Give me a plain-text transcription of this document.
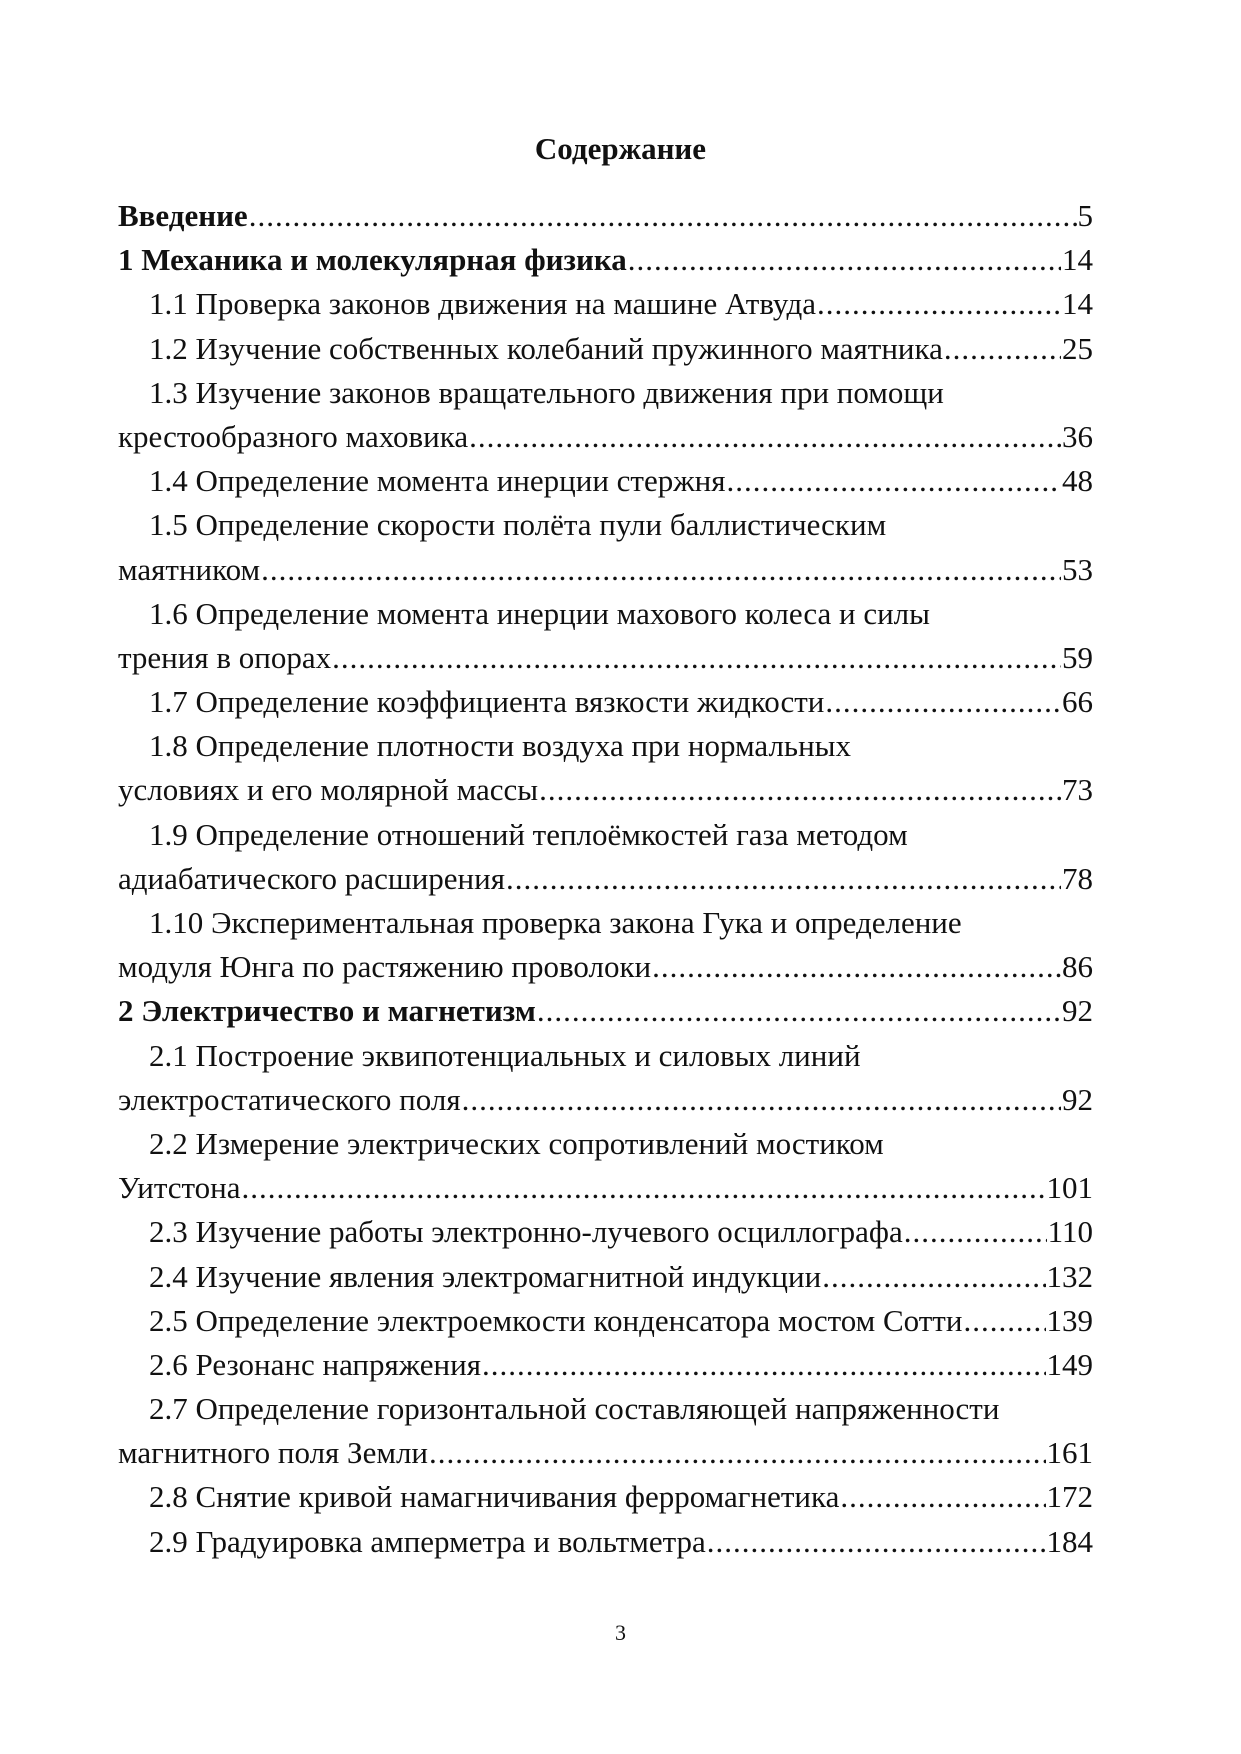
Содержание
Введение .....	5
1 Механика и молекулярная физика .....	14
1.1 Проверка законов движения на машине Атвуда .....	14
1.2 Изучение собственных колебаний пружинного маятника .....	25
1.3 Изучение законов вращательного движения при помощи
крестообразного маховика .....	36
1.4 Определение момента инерции стержня .....	48
1.5 Определение скорости полёта пули баллистическим
маятником .....	53
1.6 Определение момента инерции махового колеса и силы
трения в опорах .....	59
1.7 Определение коэффициента вязкости жидкости .....	66
1.8 Определение плотности воздуха при нормальных
условиях и его молярной массы .....	73
1.9 Определение отношений теплоёмкостей газа методом
адиабатического расширения .....	78
1.10 Экспериментальная проверка закона Гука и определение
модуля Юнга по растяжению проволоки .....	86
2 Электричество и магнетизм .....	92
2.1 Построение эквипотенциальных и силовых линий
электростатического поля .....	92
2.2 Измерение электрических сопротивлений мостиком
Уитстона .....	101
2.3 Изучение работы электронно-лучевого осциллографа .....	110
2.4 Изучение явления электромагнитной индукции .....	132
2.5 Определение электроемкости конденсатора мостом Сотти .....	139
2.6 Резонанс напряжения .....	149
2.7 Определение горизонтальной составляющей напряженности
магнитного поля Земли .....	161
2.8 Снятие кривой намагничивания ферромагнетика .....	172
2.9 Градуировка амперметра и вольтметра .....	184
3
